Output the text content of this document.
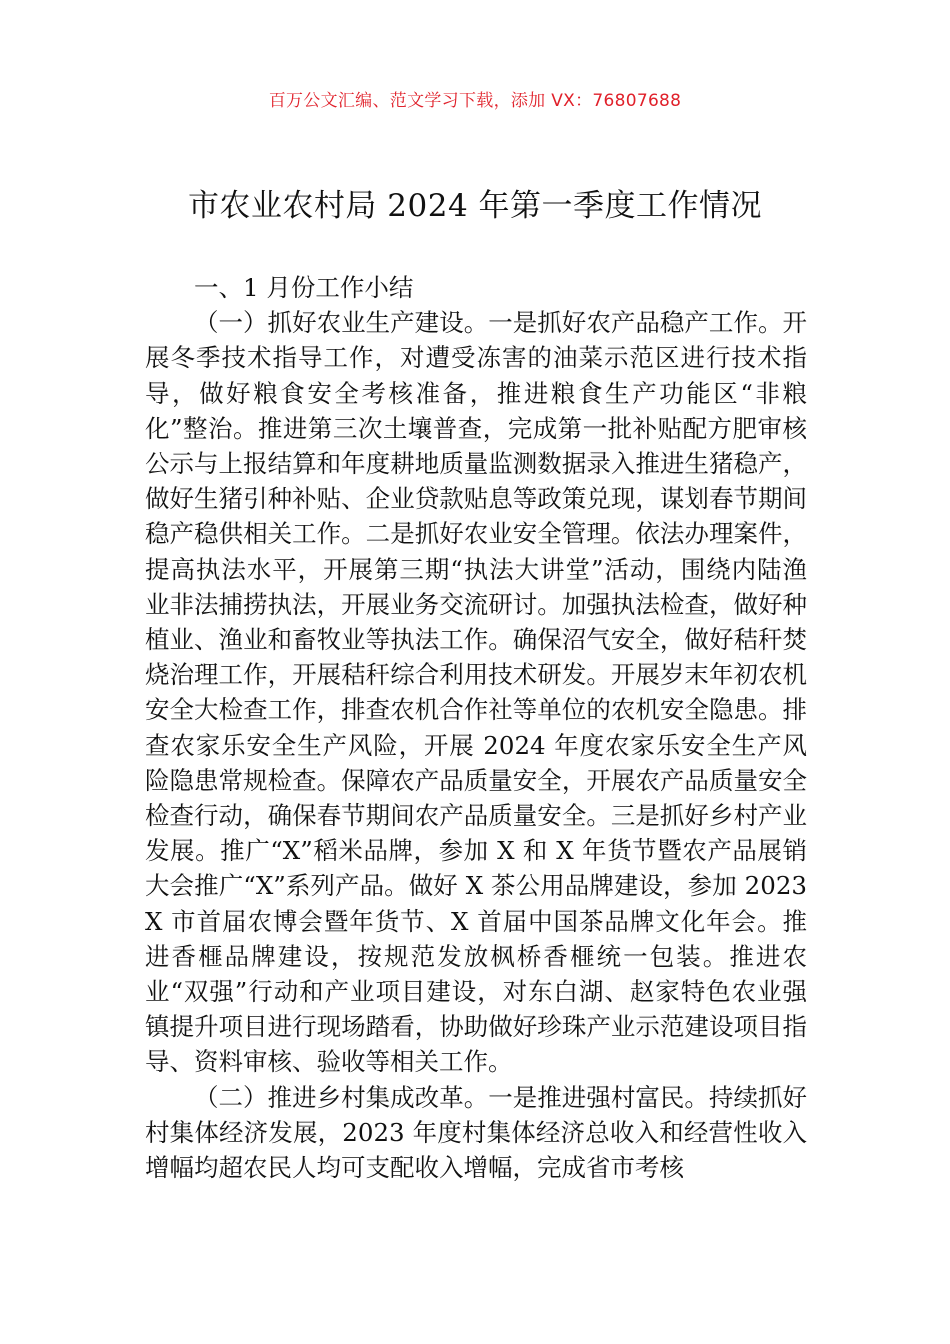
百万公文汇编、范文学习下载，添加 VX：76807688
市农业农村局 2024 年第一季度工作情况

一、1 月份工作小结

（一）抓好农业生产建设。一是抓好农产品稳产工作。开展冬季技术指导工作，对遭受冻害的油菜示范区进行技术指导，做好粮食安全考核准备，推进粮食生产功能区“非粮化”整治。推进第三次土壤普查，完成第一批补贴配方肥审核公示与上报结算和年度耕地质量监测数据录入推进生猪稳产，做好生猪引种补贴、企业贷款贴息等政策兑现，谋划春节期间稳产稳供相关工作。二是抓好农业安全管理。依法办理案件，提高执法水平，开展第三期“执法大讲堂”活动，围绕内陆渔业非法捕捞执法，开展业务交流研讨。加强执法检查，做好种植业、渔业和畜牧业等执法工作。确保沼气安全，做好秸秆焚烧治理工作，开展秸秆综合利用技术研发。开展岁末年初农机安全大检查工作，排查农机合作社等单位的农机安全隐患。排查农家乐安全生产风险，开展 2024 年度农家乐安全生产风险隐患常规检查。保障农产品质量安全，开展农产品质量安全检查行动，确保春节期间农产品质量安全。三是抓好乡村产业发展。推广“X”稻米品牌，参加 X 和 X 年货节暨农产品展销大会推广“X”系列产品。做好 X 茶公用品牌建设，参加 2023 X 市首届农博会暨年货节、X 首届中国茶品牌文化年会。推进香榧品牌建设，按规范发放枫桥香榧统一包装。推进农业“双强”行动和产业项目建设，对东白湖、赵家特色农业强镇提升项目进行现场踏看，协助做好珍珠产业示范建设项目指导、资料审核、验收等相关工作。

（二）推进乡村集成改革。一是推进强村富民。持续抓好村集体经济发展，2023 年度村集体经济总收入和经营性收入增幅均超农民人均可支配收入增幅，完成省市考核
